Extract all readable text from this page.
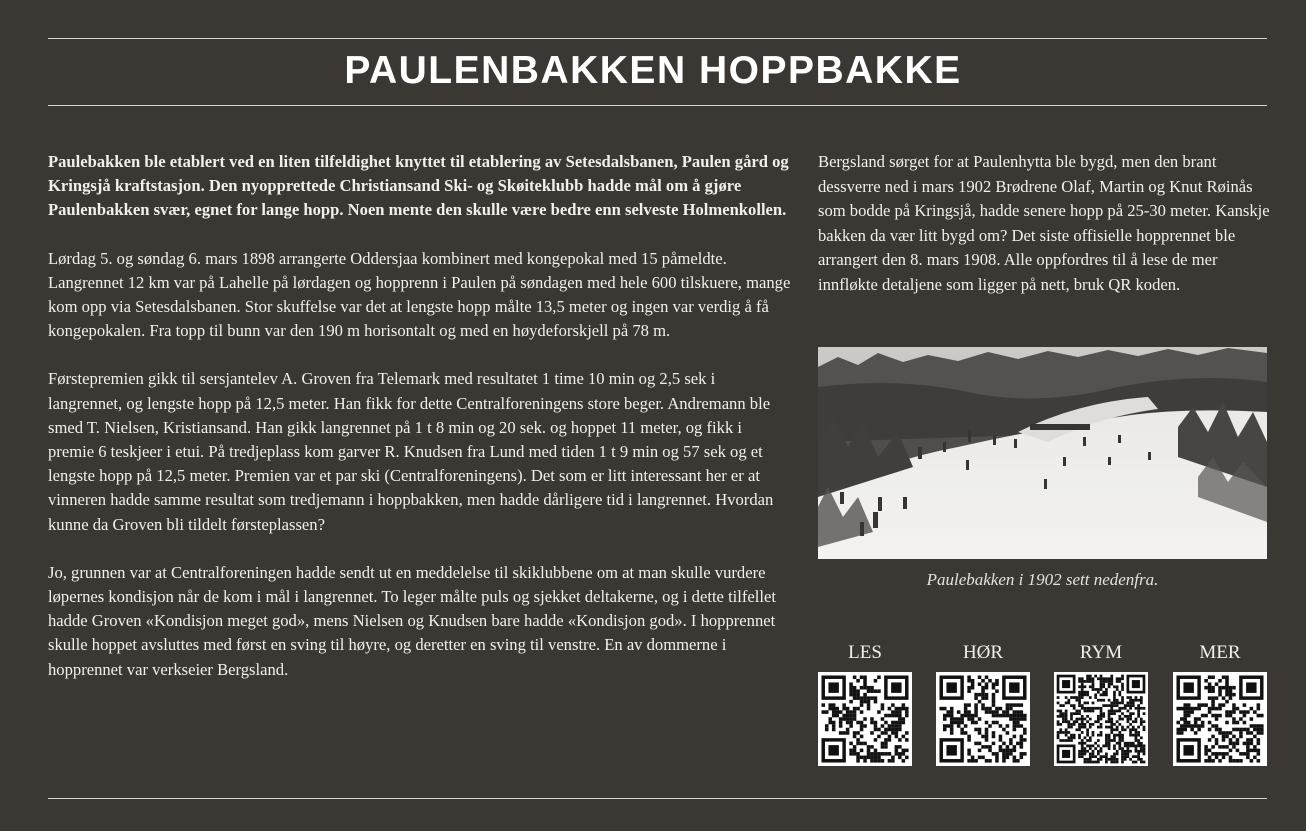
PAULENBAKKEN HOPPBAKKE

Paulebakken ble etablert ved en liten tilfeldighet knyttet til etablering av Setesdalsbanen, Paulen gård og Kringsjå kraftstasjon. Den nyopprettede Christiansand Ski- og Skøiteklubb hadde mål om å gjøre Paulenbakken svær, egnet for lange hopp. Noen mente den skulle være bedre enn selveste Holmenkollen.

Lørdag 5. og søndag 6. mars 1898 arrangerte Oddersjaa kombinert med kongepokal med 15 påmeldte. Langrennet 12 km var på Lahelle på lørdagen og hopprenn i Paulen på søndagen med hele 600 tilskuere, mange kom opp via Setesdalsbanen. Stor skuffelse var det at lengste hopp målte 13,5 meter og ingen var verdig å få kongepokalen. Fra topp til bunn var den 190 m horisontalt og med en høydeforskjell på 78 m.

Førstepremien gikk til sersjantelev A. Groven fra Telemark med resultatet 1 time 10 min og 2,5 sek i langrennet, og lengste hopp på 12,5 meter. Han fikk for dette Centralforeningens store beger. Andremann ble smed T. Nielsen, Kristiansand. Han gikk langrennet på 1 t 8 min og 20 sek. og hoppet 11 meter, og fikk i premie 6 teskjeer i etui. På tredjeplass kom garver R. Knudsen fra Lund med tiden 1 t 9 min og 57 sek og et lengste hopp på 12,5 meter. Premien var et par ski (Centralforeningens). Det som er litt interessant her er at vinneren hadde samme resultat som tredjemann i hoppbakken, men hadde dårligere tid i langrennet. Hvordan kunne da Groven bli tildelt førsteplassen?

Jo, grunnen var at Centralforeningen hadde sendt ut en meddelelse til skiklubbene om at man skulle vurdere løpernes kondisjon når de kom i mål i langrennet. To leger målte puls og sjekket deltakerne, og i dette tilfellet hadde Groven «Kondisjon meget god», mens Nielsen og Knudsen bare hadde «Kondisjon god». I hopprennet skulle hoppet avsluttes med først en sving til høyre, og deretter en sving til venstre. En av dommerne i hopprennet var verkseier Bergsland.

Bergsland sørget for at Paulenhytta ble bygd, men den brant dessverre ned i mars 1902 Brødrene Olaf, Martin og Knut Røinås som bodde på Kringsjå, hadde senere hopp på 25-30 meter. Kanskje bakken da vær litt bygd om? Det siste offisielle hopprennet ble arrangert den 8. mars 1908. Alle oppfordres til å lese de mer innfløkte detaljene som ligger på nett, bruk QR koden.

Paulebakken i 1902 sett nedenfra.
LES	HØR	RYM	MER
